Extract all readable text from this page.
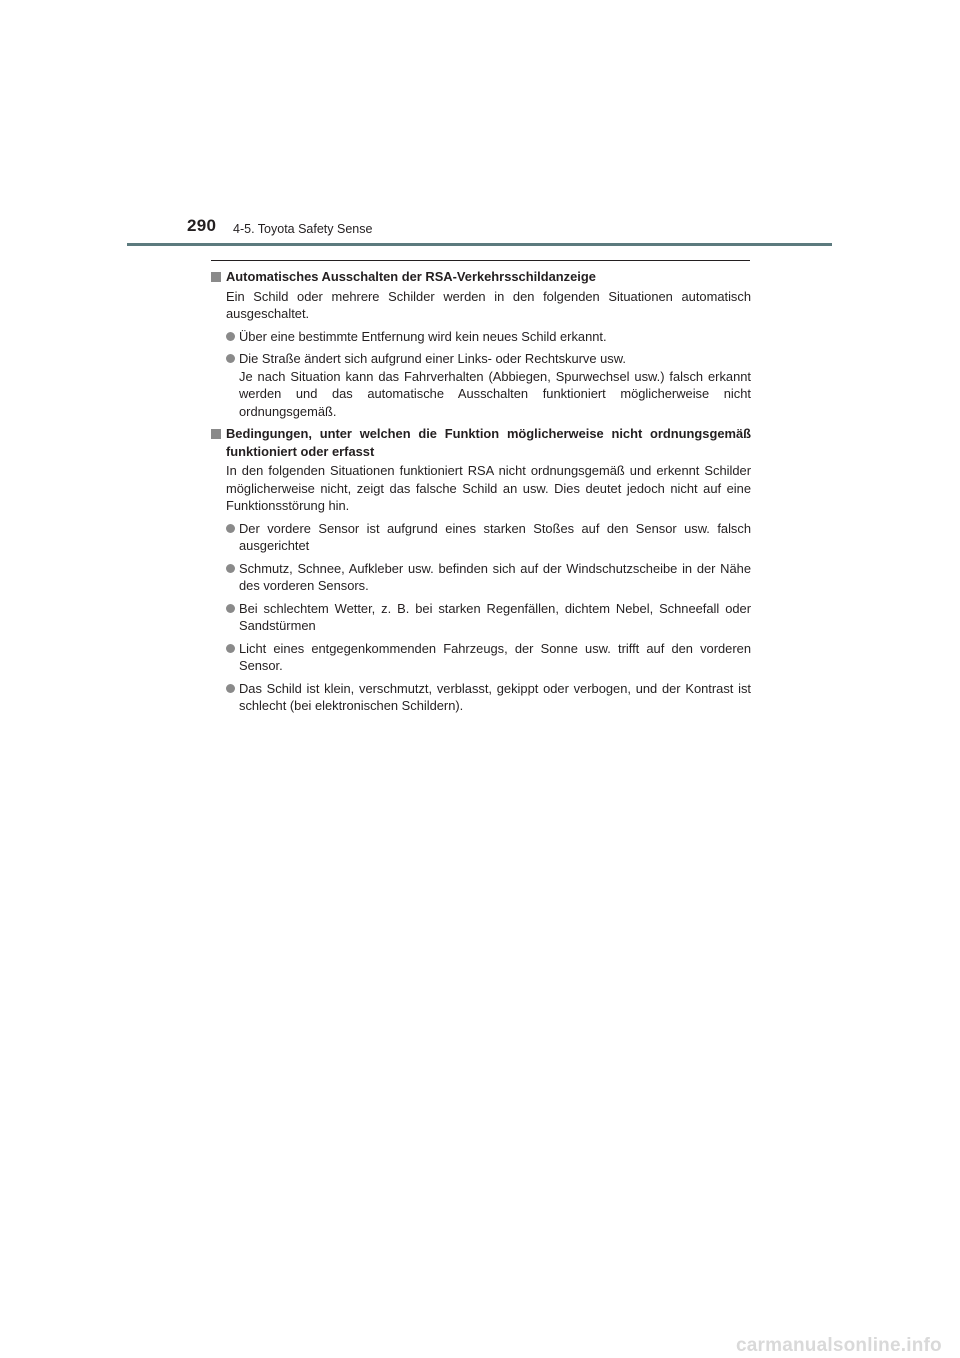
290 4-5. Toyota Safety Sense
Automatisches Ausschalten der RSA-Verkehrsschildanzeige
Ein Schild oder mehrere Schilder werden in den folgenden Situationen automatisch ausgeschaltet.
Über eine bestimmte Entfernung wird kein neues Schild erkannt.
Die Straße ändert sich aufgrund einer Links- oder Rechtskurve usw.
Je nach Situation kann das Fahrverhalten (Abbiegen, Spurwechsel usw.) falsch erkannt werden und das automatische Ausschalten funktioniert möglicherweise nicht ordnungsgemäß.
Bedingungen, unter welchen die Funktion möglicherweise nicht ordnungsgemäß funktioniert oder erfasst
In den folgenden Situationen funktioniert RSA nicht ordnungsgemäß und erkennt Schilder möglicherweise nicht, zeigt das falsche Schild an usw. Dies deutet jedoch nicht auf eine Funktionsstörung hin.
Der vordere Sensor ist aufgrund eines starken Stoßes auf den Sensor usw. falsch ausgerichtet
Schmutz, Schnee, Aufkleber usw. befinden sich auf der Windschutzscheibe in der Nähe des vorderen Sensors.
Bei schlechtem Wetter, z. B. bei starken Regenfällen, dichtem Nebel, Schneefall oder Sandstürmen
Licht eines entgegenkommenden Fahrzeugs, der Sonne usw. trifft auf den vorderen Sensor.
Das Schild ist klein, verschmutzt, verblasst, gekippt oder verbogen, und der Kontrast ist schlecht (bei elektronischen Schildern).
carmanualsonline.info
